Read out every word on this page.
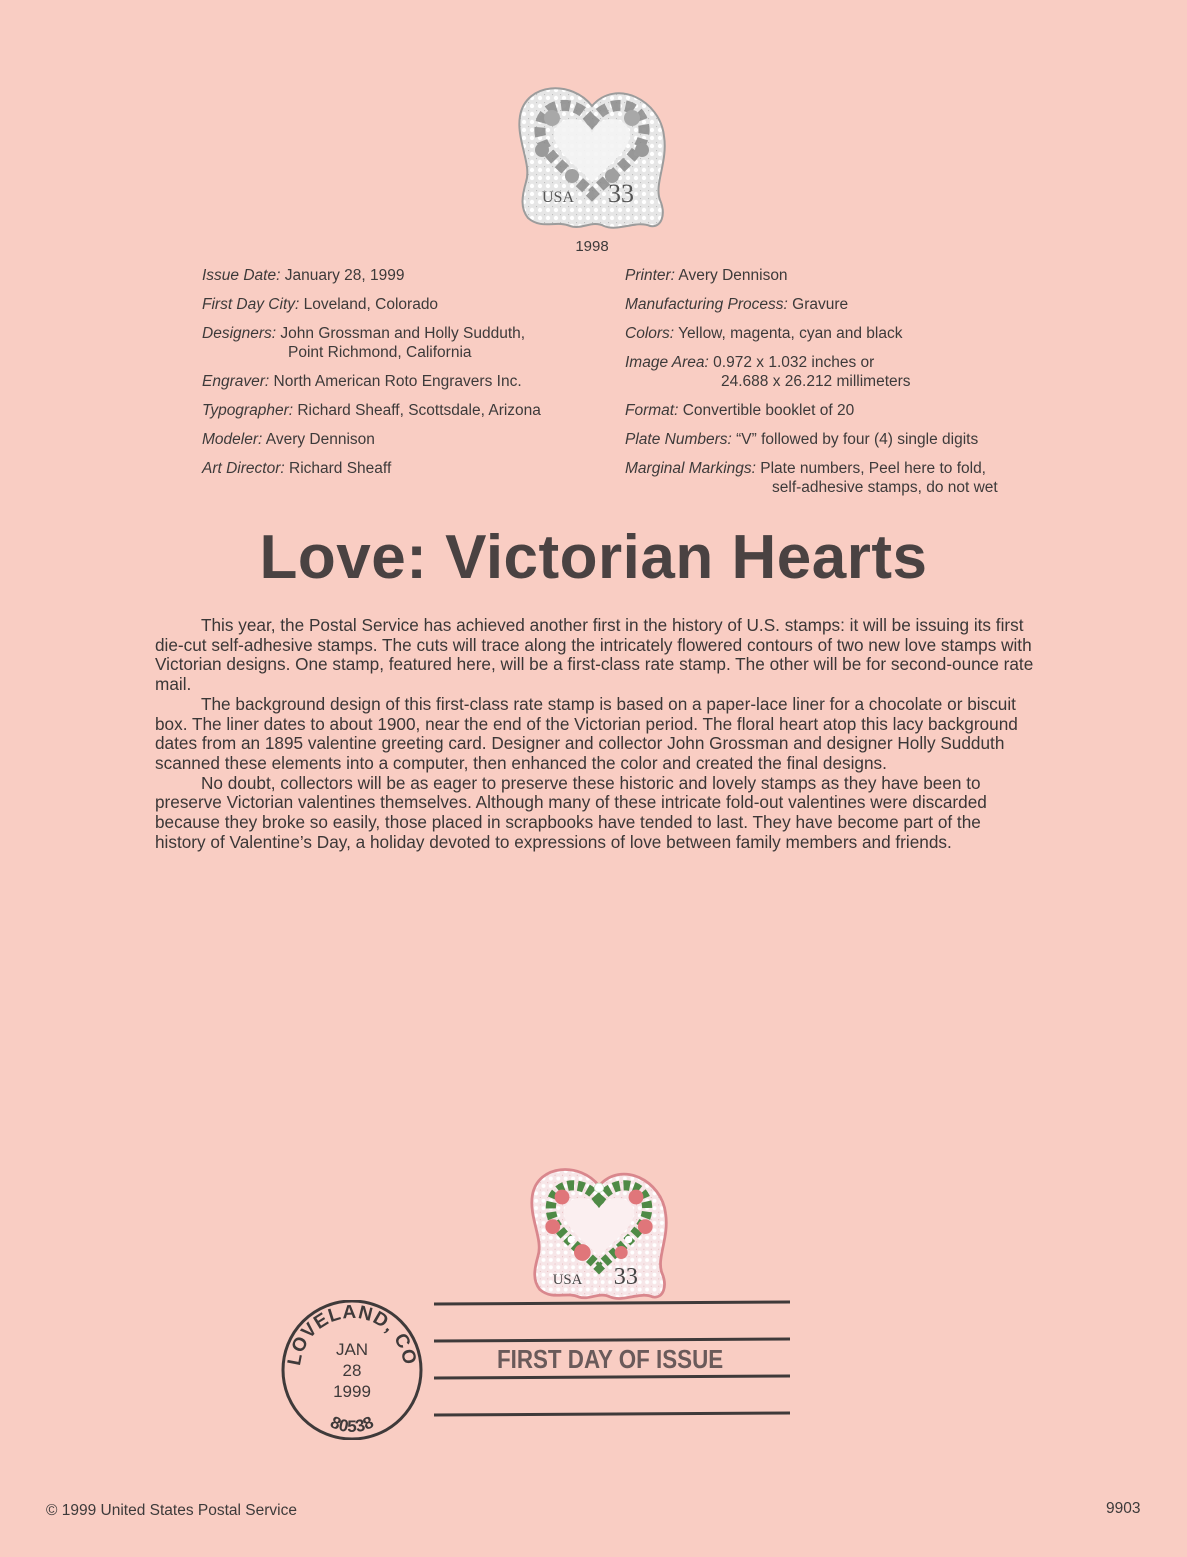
USA 33
1998
Issue Date: January 28, 1999
First Day City: Loveland, Colorado
Designers: John Grossman and Holly Sudduth,
Point Richmond, California
Engraver: North American Roto Engravers Inc.
Typographer: Richard Sheaff, Scottsdale, Arizona
Modeler: Avery Dennison
Art Director: Richard Sheaff
Printer: Avery Dennison
Manufacturing Process: Gravure
Colors: Yellow, magenta, cyan and black
Image Area: 0.972 x 1.032 inches or
24.688 x 26.212 millimeters
Format: Convertible booklet of 20
Plate Numbers: “V” followed by four (4) single digits
Marginal Markings: Plate numbers, Peel here to fold,
self-adhesive stamps, do not wet
Love: Victorian Hearts

This year, the Postal Service has achieved another first in the history of U.S. stamps: it will be issuing its first die-cut self-adhesive stamps. The cuts will trace along the intricately flowered contours of two new love stamps with Victorian designs. One stamp, featured here, will be a first-class rate stamp. The other will be for second-ounce rate mail.

The background design of this first-class rate stamp is based on a paper-lace liner for a chocolate or biscuit box. The liner dates to about 1900, near the end of the Victorian period. The floral heart atop this lacy background dates from an 1895 valentine greeting card. Designer and collector John Grossman and designer Holly Sudduth scanned these elements into a computer, then enhanced the color and created the final designs.

No doubt, collectors will be as eager to preserve these historic and lovely stamps as they have been to preserve Victorian valentines themselves. Although many of these intricate fold-out valentines were discarded because they broke so easily, those placed in scrapbooks have tended to last. They have become part of the history of Valentine’s Day, a holiday devoted to expressions of love between family members and friends.

USA 33
FIRST DAY OF ISSUE
LOVELAND, CO
JAN
28
1999
80538
© 1999 United States Postal Service	9903
